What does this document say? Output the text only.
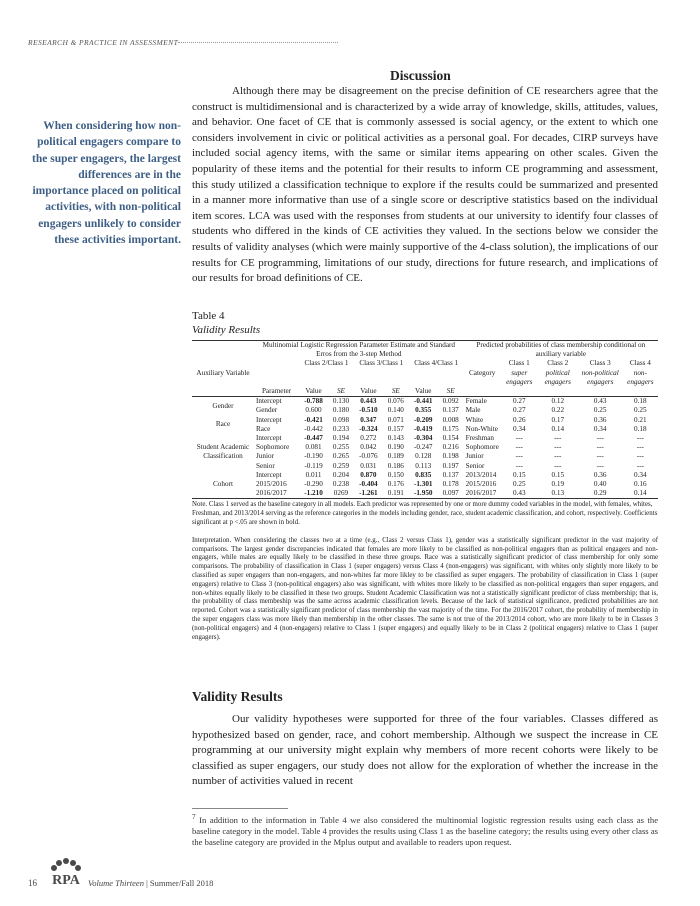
RESEARCH & PRACTICE IN ASSESSMENT
Discussion

Although there may be disagreement on the precise definition of CE researchers agree that the construct is multidimensional and is characterized by a wide array of knowledge, skills, attitudes, values, and behavior. One facet of CE that is commonly assessed is social agency, or the extent to which one considers involvement in civic or political activities as a personal goal. For decades, CIRP surveys have included social agency items, with the same or similar items appearing on other scales. Given the popularity of these items and the potential for their results to inform CE programming and assessment, this study utilized a classification technique to explore if the results could be summarized and presented in a manner more informative than use of a single score or descriptive statistics based on the individual item scores. LCA was used with the responses from students at our university to identify four classes of students who differed in the kinds of CE activities they valued. In the sections below we consider the results of validity analyses (which were mainly supportive of the 4-class solution), the implications of our results for CE programming, limitations of our study, directions for future research, and implications of our results for broad definitions of CE.

When considering how non-political engagers compare to the super engagers, the largest differences are in the importance placed on political activities, with non-political engagers unlikely to consider these activities important.
Table 4
Validity Results
	Multinomial Logistic Regression Parameter Estimate and Standard Erros from the 3-step Method							Predicted probabilities of class membership conditional on auxiliary variable				
Auxiliary Variable		Class 2/Class 1		Class 3/Class 1		Class 4/Class 1		Category	Class 1	Class 2	Class 3	Class 4
									super engagers	political engagers	non-political engagers	non-engagers
	Parameter	Value	SE	Value	SE	Value	SE					
Gender	Intercept	-0.788	0.130	0.443	0.076	-0.441	0.092	Female	0.27	0.12	0.43	0.18
	Gender	0.600	0.180	-0.510	0.140	0.355	0.137	Male	0.27	0.22	0.25	0.25
Race	Intercept	-0.421	0.098	0.347	0.071	-0.209	0.008	White	0.26	0.17	0.36	0.21
	Race	-0.442	0.233	-0.324	0.157	-0.419	0.175	Non-White	0.34	0.14	0.34	0.18
Student Academic Classification	Intercept	-0.447	0.194	0.272	0.143	-0.304	0.154	Freshman	---	---	---	---
	Sophomore	0.081	0.255	0.042	0.190	-0.247	0.216	Sophomore	---	---	---	---
	Junior	-0.190	0.265	-0.076	0.189	0.128	0.198	Junior	---	---	---	---
	Senior	-0.119	0.259	0.031	0.186	0.113	0.197	Senior	---	---	---	---
Cohort	Intercept	0.011	0.204	0.870	0.150	0.835	0.137	2013/2014	0.15	0.15	0.36	0.34
	2015/2016	-0.290	0.238	-0.404	0.176	-1.301	0.178	2015/2016	0.25	0.19	0.40	0.16
	2016/2017	-1.210	0269	-1.261	0.191	-1.950	0.097	2016/2017	0.43	0.13	0.29	0.14
Note. Class 1 served as the baseline category in all models. Each predictor was represented by one or more dummy coded variables in the model, with females, whites, Freshman, and 2013/2014 serving as the reference categories in the models including gender, race, student academic classification, and cohort, respectively. Coefficients significant at p <.05 are shown in bold.
Interpretation. When considering the classes two at a time (e.g., Class 2 versus Class 1), gender was a statistically significant predictor in the vast majority of comparisons. The largest gender discrepancies indicated that females are more likely to be classified as non-political engagers than as political engagers and non-engagers, while males are equally likely to be classified in these three groups. Race was a statistically significant predictor of class membership for only some comparisons. The probability of classification in Class 1 (super engagers) versus Class 4 (non-engagers) was significant, with whites only slightly more likely to be classified as super engagers than non-engagers, and non-whites far more likley to be classified as super engagers. The probability of classification in Class 1 (super engagers) relative to Class 3 (non-political engagers) also was significant, with whites more likely to be classified as non-political engagers than super engagers, and non-whites equally likely to be classified in these two groups. Student Academic Classification was not a statistically significant predictor of class membership; that is, the probability of class membeship was the same across academic classification levels. Because of the lack of statistical significance, predicted probabilities are not reported. Cohort was a statistically significant predictor of class membership the vast majority of the time. For the 2016/2017 cohort, the probability of membership in the super engagers class was more likely than membership in the other classes. The same is not true of the 2013/2014 cohort, who are more likely to be in Classes 3 (non-political engagers) and 4 (non-engagers) relative to Class 1 (super engagers) and equally likely to be in Class 2 (political engagers) relative to Class 1 (super engagers).
Validity Results

Our validity hypotheses were supported for three of the four variables. Classes differed as hypothesized based on gender, race, and cohort membership. Although we suspect the increase in CE programming at our university might explain why members of more recent cohorts were likely to be classified as super engagers, our study does not allow for the exploration of whether the increase in the number of activities valued in recent

$^7$ In addition to the information in Table 4 we also considered the multinomial logistic regression results using each class as the baseline category in the model. Table 4 provides the results using Class 1 as the baseline category; the results using every other class as the baseline category are provided in the Mplus output and available to readers upon request.
16 RPA Volume Thirteen | Summer/Fall 2018
